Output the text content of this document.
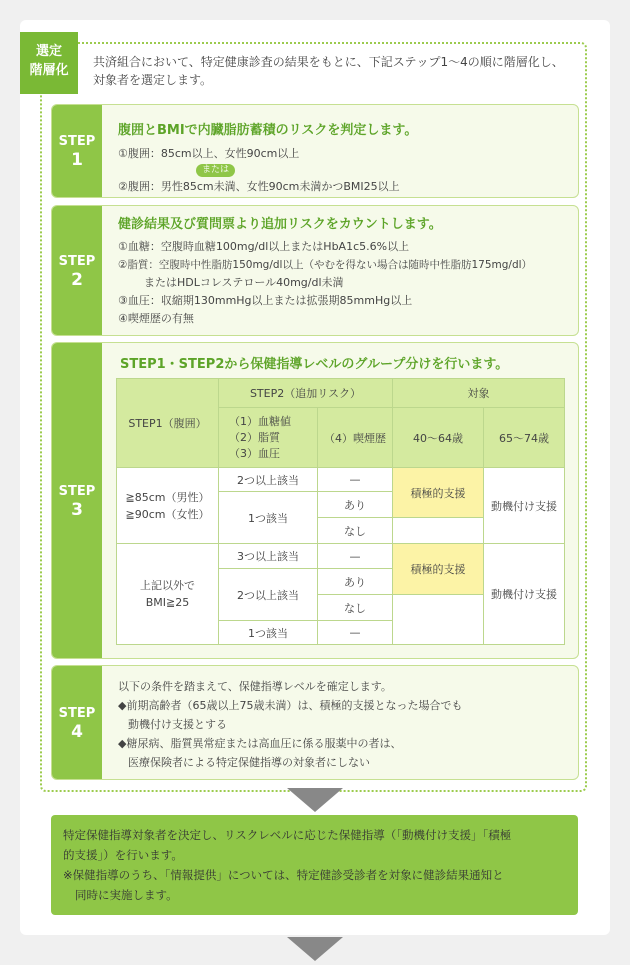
選定
階層化
共済組合において、特定健康診査の結果をもとに、下記ステップ1〜4の順に階層化し、対象者を選定します。
STEP
1
腹囲とBMIで内臓脂肪蓄積のリスクを判定します。
①腹囲：85cm以上、女性90cm以上
または
②腹囲：男性85cm未満、女性90cm未満かつBMI25以上
STEP
2
健診結果及び質問票より追加リスクをカウントします。
①血糖：空腹時血糖100mg/dl以上またはHbA1c5.6%以上
②脂質：空腹時中性脂肪150mg/dl以上（やむを得ない場合は随時中性脂肪175mg/dl）
またはHDLコレステロール40mg/dl未満
③血圧：収縮期130mmHg以上または拡張期85mmHg以上
④喫煙歴の有無
STEP
3
STEP1・STEP2から保健指導レベルのグループ分けを行います。
STEP1（腹囲）	STEP2（追加リスク）		対象	
	（1）血糖値
（2）脂質
（3）血圧	（4）喫煙歴	40〜64歳	65〜74歳
≧85cm（男性）
≧90cm（女性）	2つ以上該当	—	積極的支援	動機付け支援
	1つ該当	あり		
		なし		
上記以外で
BMI≧25	3つ以上該当	—	積極的支援	動機付け支援
	2つ以上該当	あり		
		なし		
	1つ該当	—		
STEP
4
以下の条件を踏まえて、保健指導レベルを確定します。
◆前期高齢者（65歳以上75歳未満）は、積極的支援となった場合でも
動機付け支援とする
◆糖尿病、脂質異常症または高血圧に係る服薬中の者は、
医療保険者による特定保健指導の対象者にしない
特定保健指導対象者を決定し、リスクレベルに応じた保健指導（「動機付け支援」「積極
的支援」）を行います。
※保健指導のうち、「情報提供」については、特定健診受診者を対象に健診結果通知と
同時に実施します。
